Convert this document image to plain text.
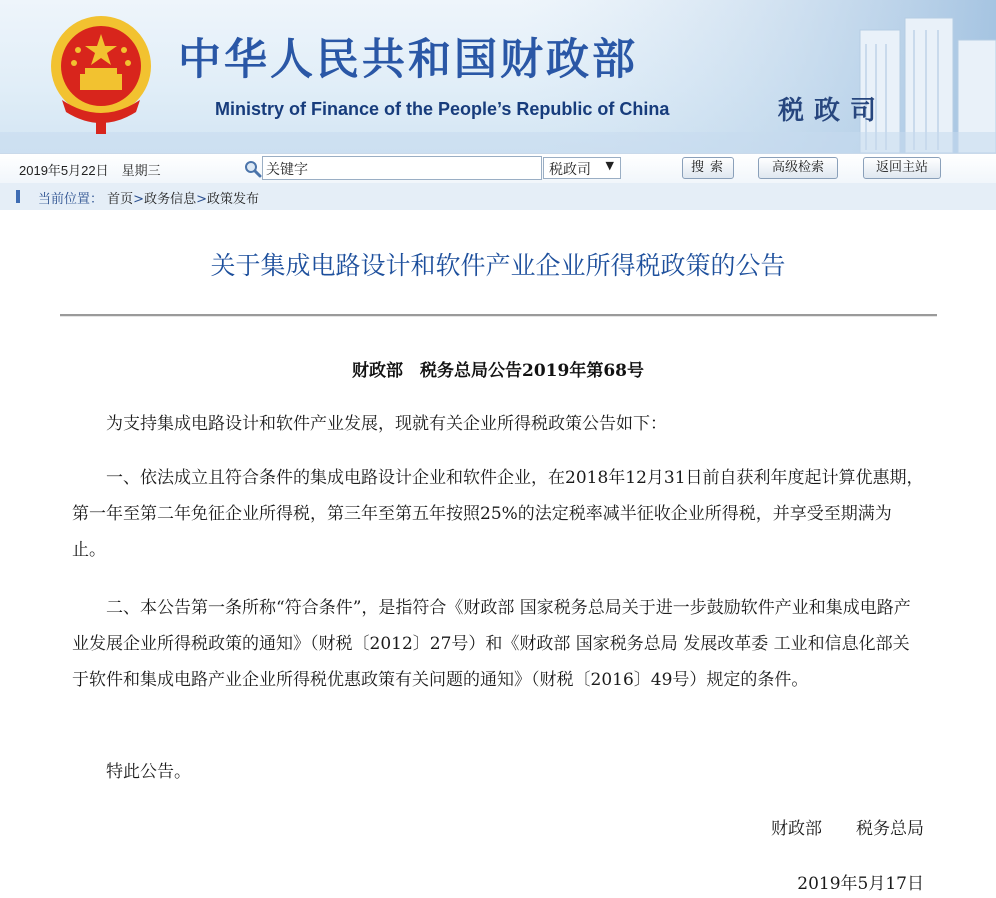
中华人民共和国财政部
Ministry of Finance of the People’s Republic of China	税政司
2019年5月22日　星期三	关键字	税政司 ▼	搜索	高级检索	返回主站
当前位置： 首页>政务信息>政策发布
关于集成电路设计和软件产业企业所得税政策的公告
财政部　税务总局公告2019年第68号

为支持集成电路设计和软件产业发展，现就有关企业所得税政策公告如下：

一、依法成立且符合条件的集成电路设计企业和软件企业，在2018年12月31日前自获利年度起计算优惠期，第一年至第二年免征企业所得税，第三年至第五年按照25%的法定税率减半征收企业所得税，并享受至期满为止。

二、本公告第一条所称“符合条件”，是指符合《财政部 国家税务总局关于进一步鼓励软件产业和集成电路产业发展企业所得税政策的通知》（财税〔2012〕27号）和《财政部 国家税务总局 发展改革委 工业和信息化部关于软件和集成电路产业企业所得税优惠政策有关问题的通知》（财税〔2016〕49号）规定的条件。

特此公告。

财政部　　税务总局
2019年5月17日
